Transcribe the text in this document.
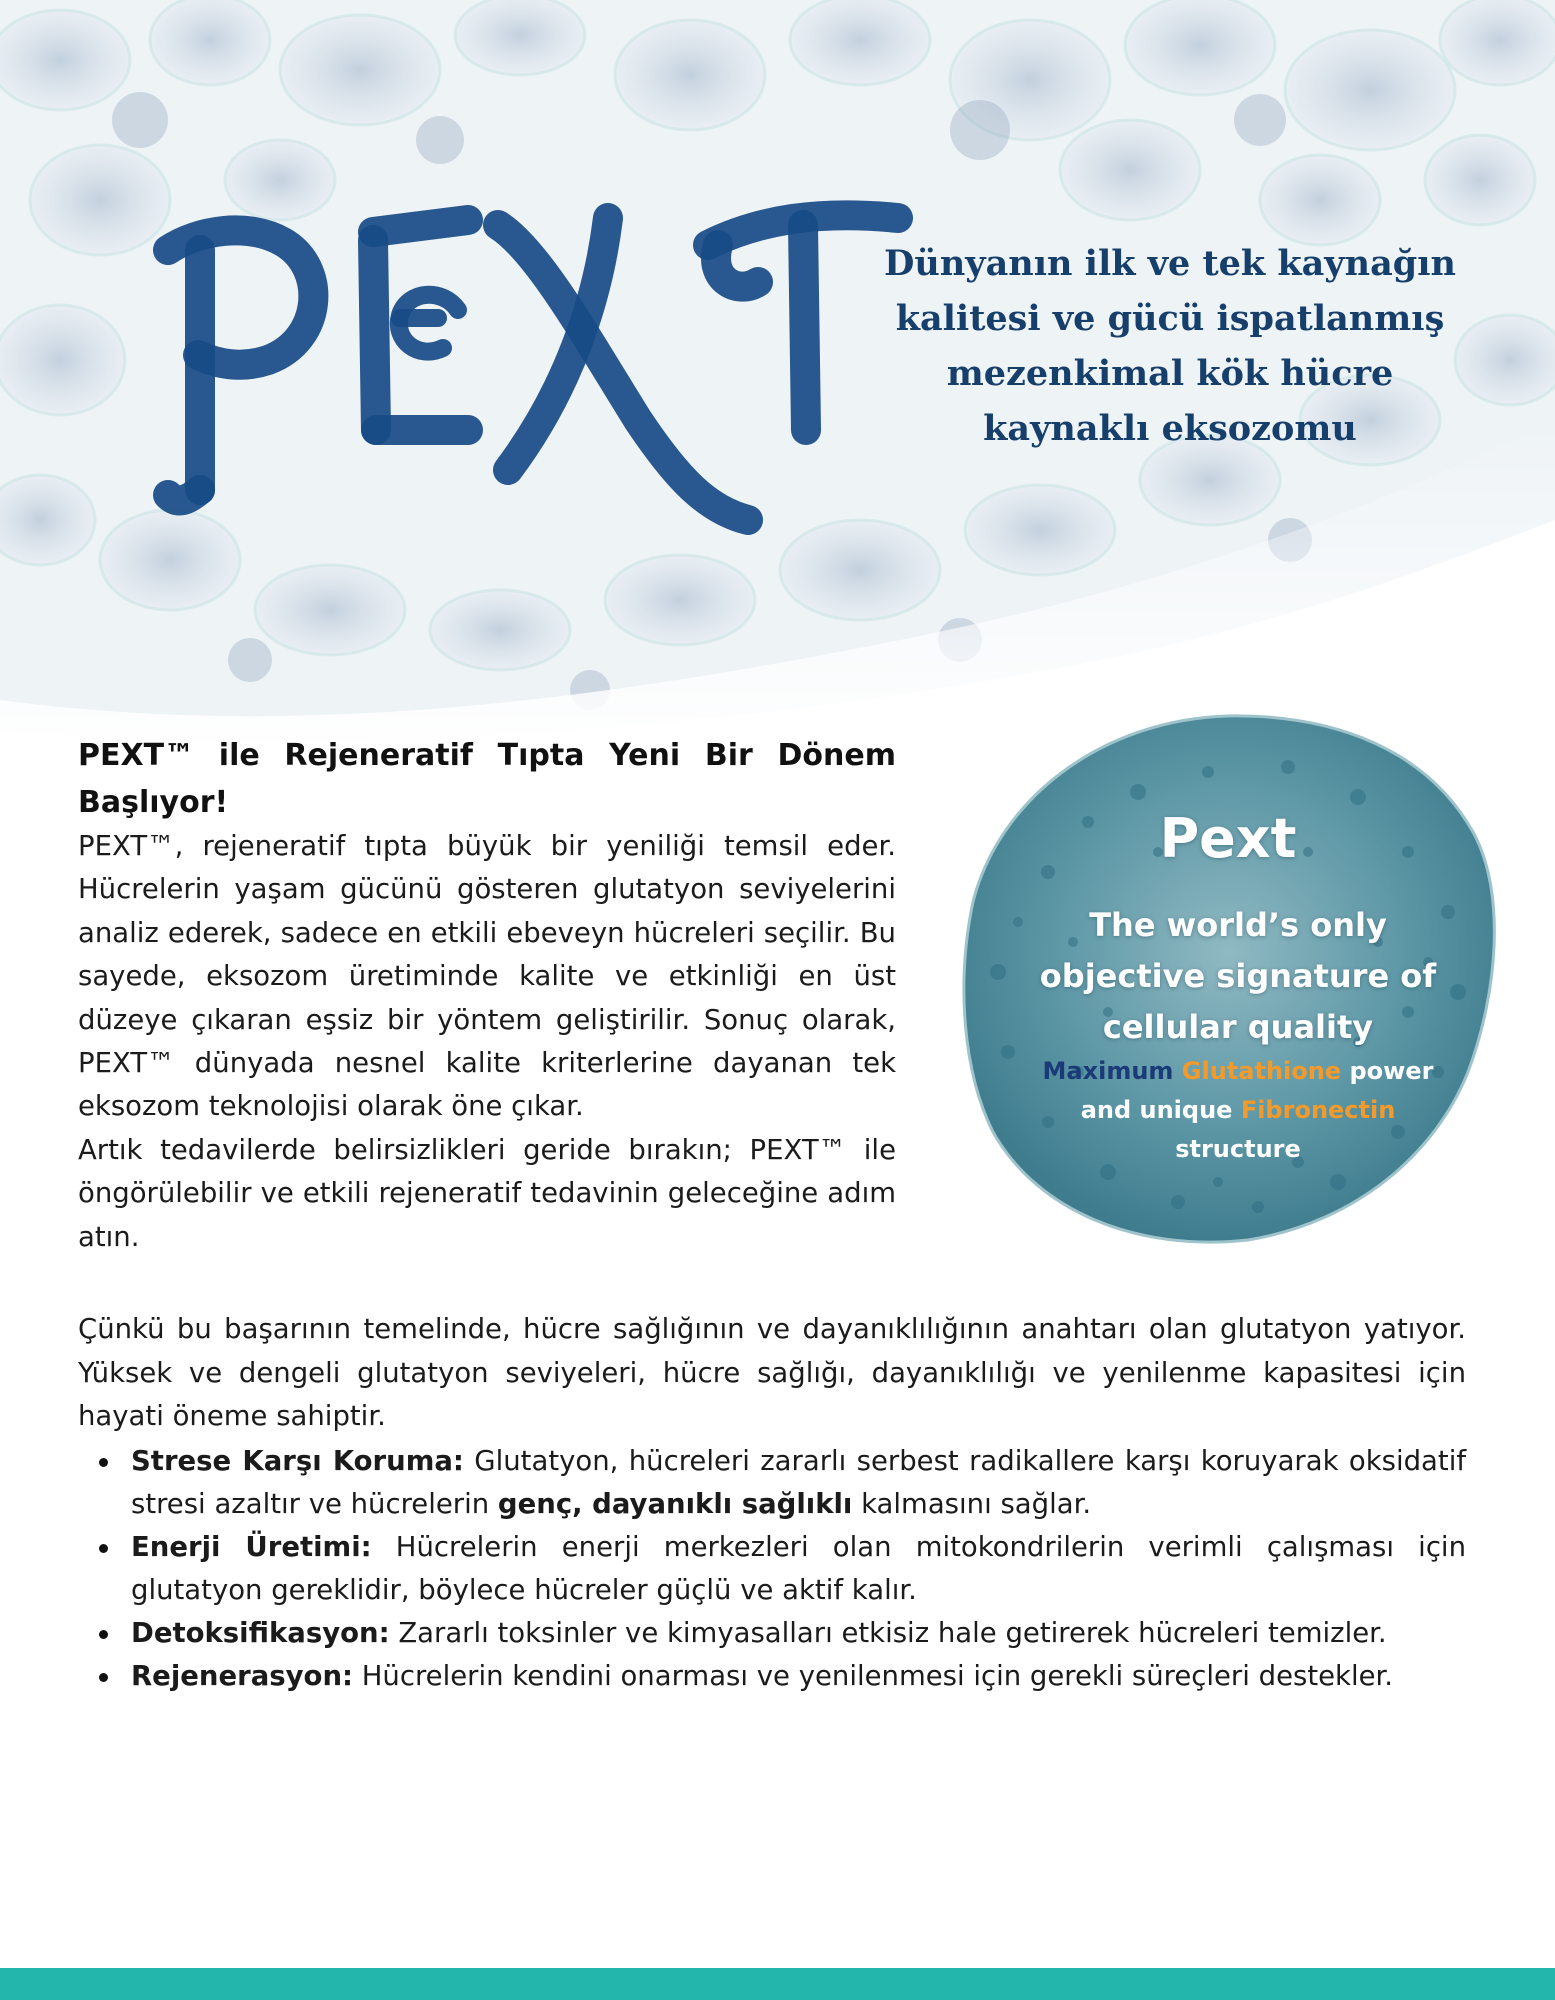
PEXT
Dünyanın ilk ve tek kaynağın
kalitesi ve gücü ispatlanmış
mezenkimal kök hücre
kaynaklı eksozomu
PEXT™ ile Rejeneratif Tıpta Yeni Bir Dönem Başlıyor!

PEXT™, rejeneratif tıpta büyük bir yeniliği temsil eder. Hücrelerin yaşam gücünü gösteren glutatyon seviyelerini analiz ederek, sadece en etkili ebeveyn hücreleri seçilir. Bu sayede, eksozom üretiminde kalite ve etkinliği en üst düzeye çıkaran eşsiz bir yöntem geliştirilir. Sonuç olarak, PEXT™ dünyada nesnel kalite kriterlerine dayanan tek eksozom teknolojisi olarak öne çıkar.

Artık tedavilerde belirsizlikleri geride bırakın; PEXT™ ile öngörülebilir ve etkili rejeneratif tedavinin geleceğine adım atın.

Pext
The world’s only
objective signature of
cellular quality
Maximum Glutathione power
and unique Fibronectin
structure

Çünkü bu başarının temelinde, hücre sağlığının ve dayanıklılığının anahtarı olan glutatyon yatıyor. Yüksek ve dengeli glutatyon seviyeleri, hücre sağlığı, dayanıklılığı ve yenilenme kapasitesi için hayati öneme sahiptir.

Strese Karşı Koruma: Glutatyon, hücreleri zararlı serbest radikallere karşı koruyarak oksidatif stresi azaltır ve hücrelerin genç, dayanıklı sağlıklı kalmasını sağlar.
Enerji Üretimi: Hücrelerin enerji merkezleri olan mitokondrilerin verimli çalışması için glutatyon gereklidir, böylece hücreler güçlü ve aktif kalır.
Detoksifikasyon: Zararlı toksinler ve kimyasalları etkisiz hale getirerek hücreleri temizler.
Rejenerasyon: Hücrelerin kendini onarması ve yenilenmesi için gerekli süreçleri destekler.
